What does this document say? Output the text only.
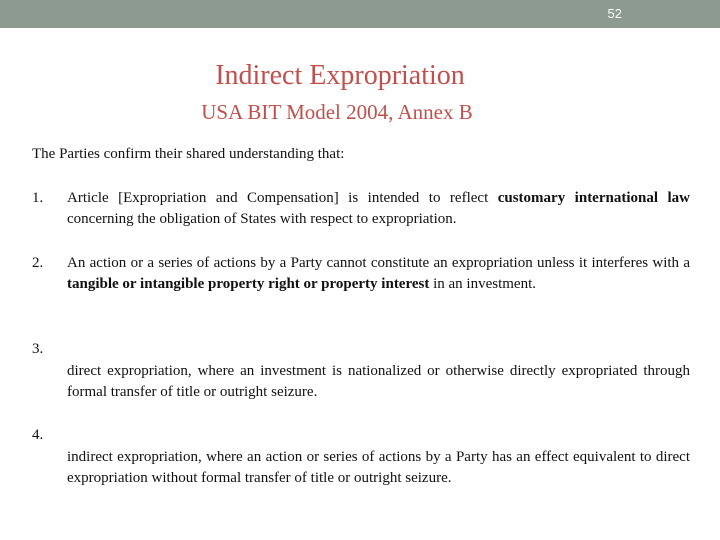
52
Indirect Expropriation
USA BIT Model 2004, Annex B
The Parties confirm their shared understanding that:
1. Article [Expropriation and Compensation] is intended to reflect customary international law concerning the obligation of States with respect to expropriation.
2. An action or a series of actions by a Party cannot constitute an expropriation unless it interferes with a tangible or intangible property right or property interest in an investment.
3.
direct expropriation, where an investment is nationalized or otherwise directly expropriated through formal transfer of title or outright seizure.
4.
indirect expropriation, where an action or series of actions by a Party has an effect equivalent to direct expropriation without formal transfer of title or outright seizure.
